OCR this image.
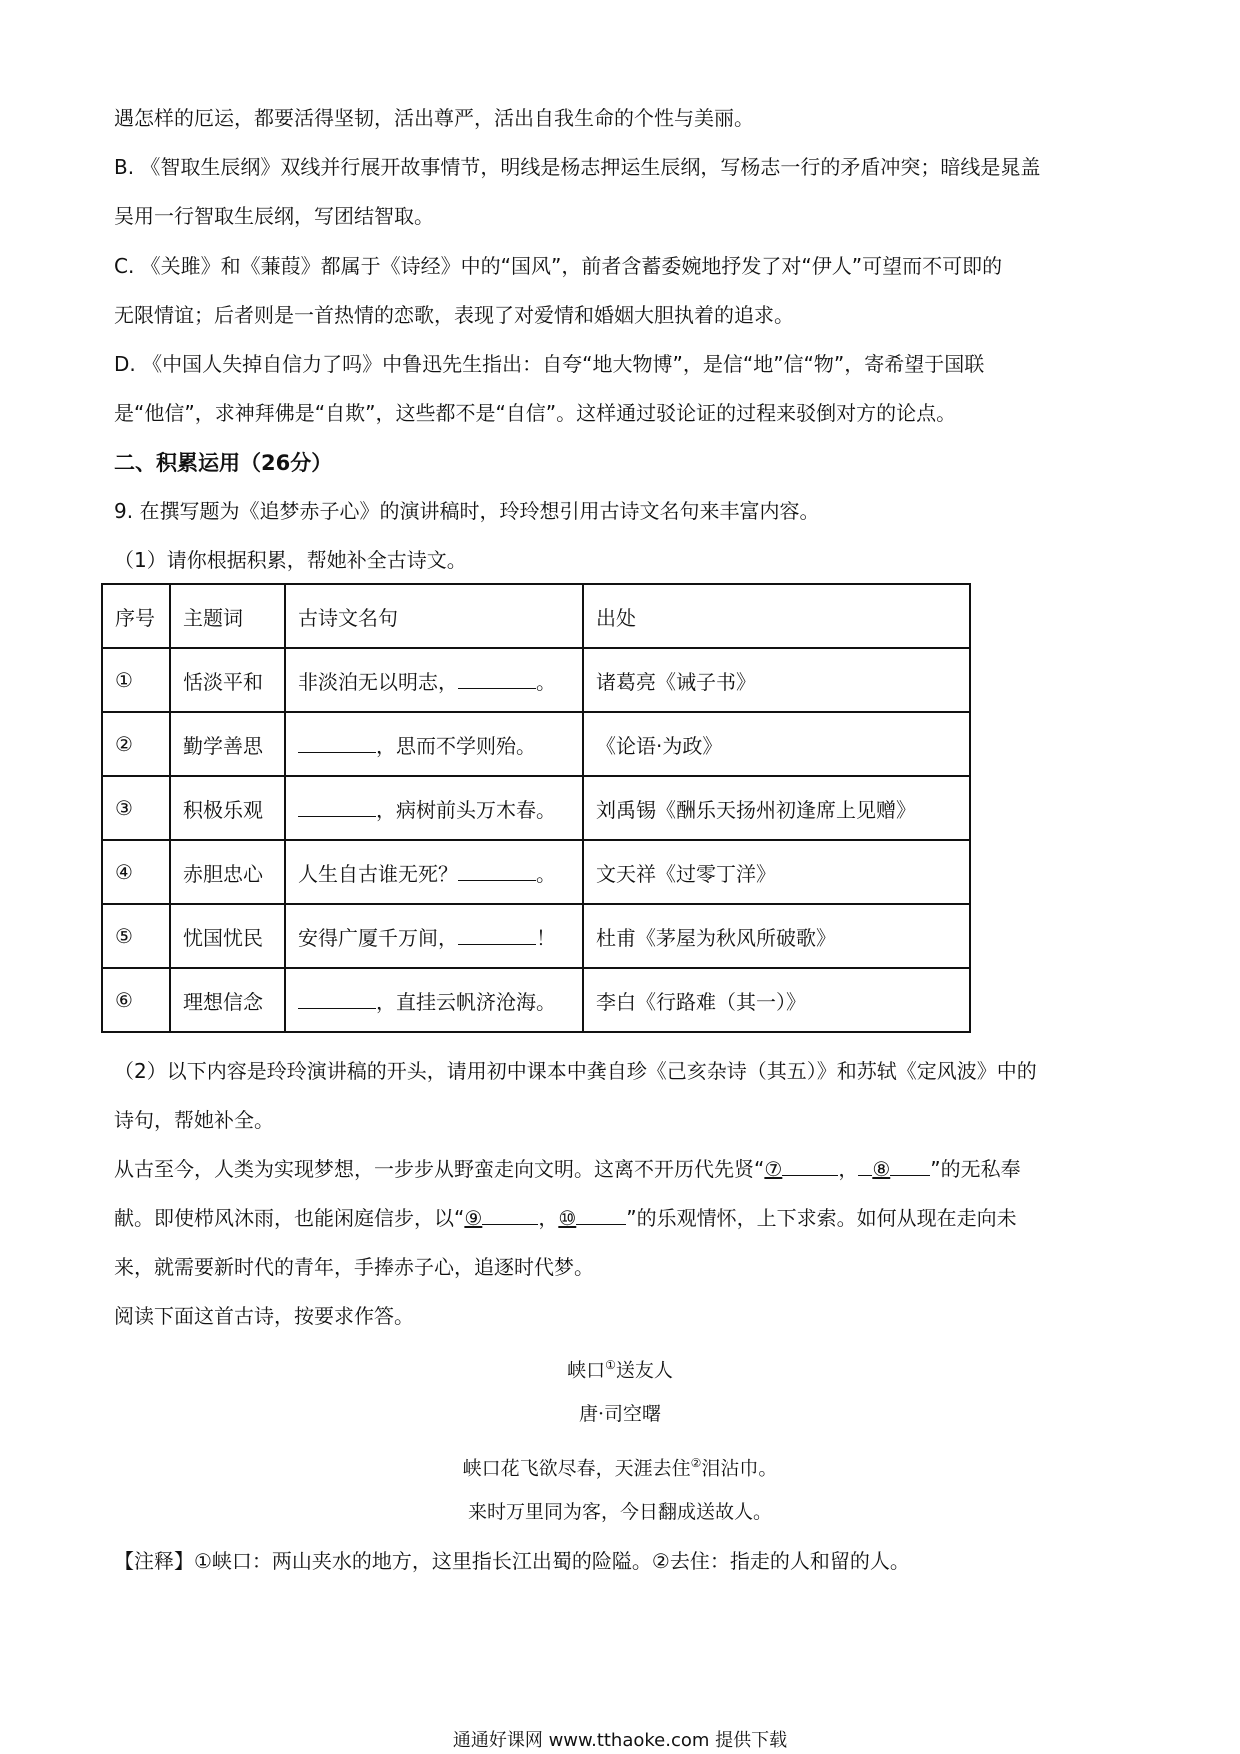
遇怎样的厄运，都要活得坚韧，活出尊严，活出自我生命的个性与美丽。
B. 《智取生辰纲》双线并行展开故事情节，明线是杨志押运生辰纲，写杨志一行的矛盾冲突；暗线是晁盖
吴用一行智取生辰纲，写团结智取。
C. 《关雎》和《蒹葭》都属于《诗经》中的“国风”，前者含蓄委婉地抒发了对“伊人”可望而不可即的
无限情谊；后者则是一首热情的恋歌，表现了对爱情和婚姻大胆执着的追求。
D. 《中国人失掉自信力了吗》中鲁迅先生指出：自夸“地大物博”，是信“地”信“物”，寄希望于国联
是“他信”，求神拜佛是“自欺”，这些都不是“自信”。这样通过驳论证的过程来驳倒对方的论点。
二、积累运用（26分）
9. 在撰写题为《追梦赤子心》的演讲稿时，玲玲想引用古诗文名句来丰富内容。
（1）请你根据积累，帮她补全古诗文。
序号	主题词	古诗文名句	出处
①	恬淡平和	非淡泊无以明志， 。	诸葛亮《诫子书》
②	勤学善思	，思而不学则殆。	《论语·为政》
③	积极乐观	，病树前头万木春。	刘禹锡《酬乐天扬州初逢席上见赠》
④	赤胆忠心	人生自古谁无死？ 。	文天祥《过零丁洋》
⑤	忧国忧民	安得广厦千万间， ！	杜甫《茅屋为秋风所破歌》
⑥	理想信念	，直挂云帆济沧海。	李白《行路难（其一）》
（2）以下内容是玲玲演讲稿的开头，请用初中课本中龚自珍《己亥杂诗（其五）》和苏轼《定风波》中的
诗句，帮她补全。
从古至今，人类为实现梦想，一步步从野蛮走向文明。这离不开历代先贤“⑦	， ⑧ ”的无私奉
献。即使栉风沐雨，也能闲庭信步，以“⑨	，⑩	”的乐观情怀，上下求索。如何从现在走向未
来，就需要新时代的青年，手捧赤子心，追逐时代梦。
阅读下面这首古诗，按要求作答。
峡口①送友人
唐·司空曙
峡口花飞欲尽春，天涯去住②泪沾巾。
来时万里同为客，今日翻成送故人。
【注释】①峡口：两山夹水的地方，这里指长江出蜀的险隘。②去住：指走的人和留的人。
通通好课网 www.tthaoke.com 提供下载
